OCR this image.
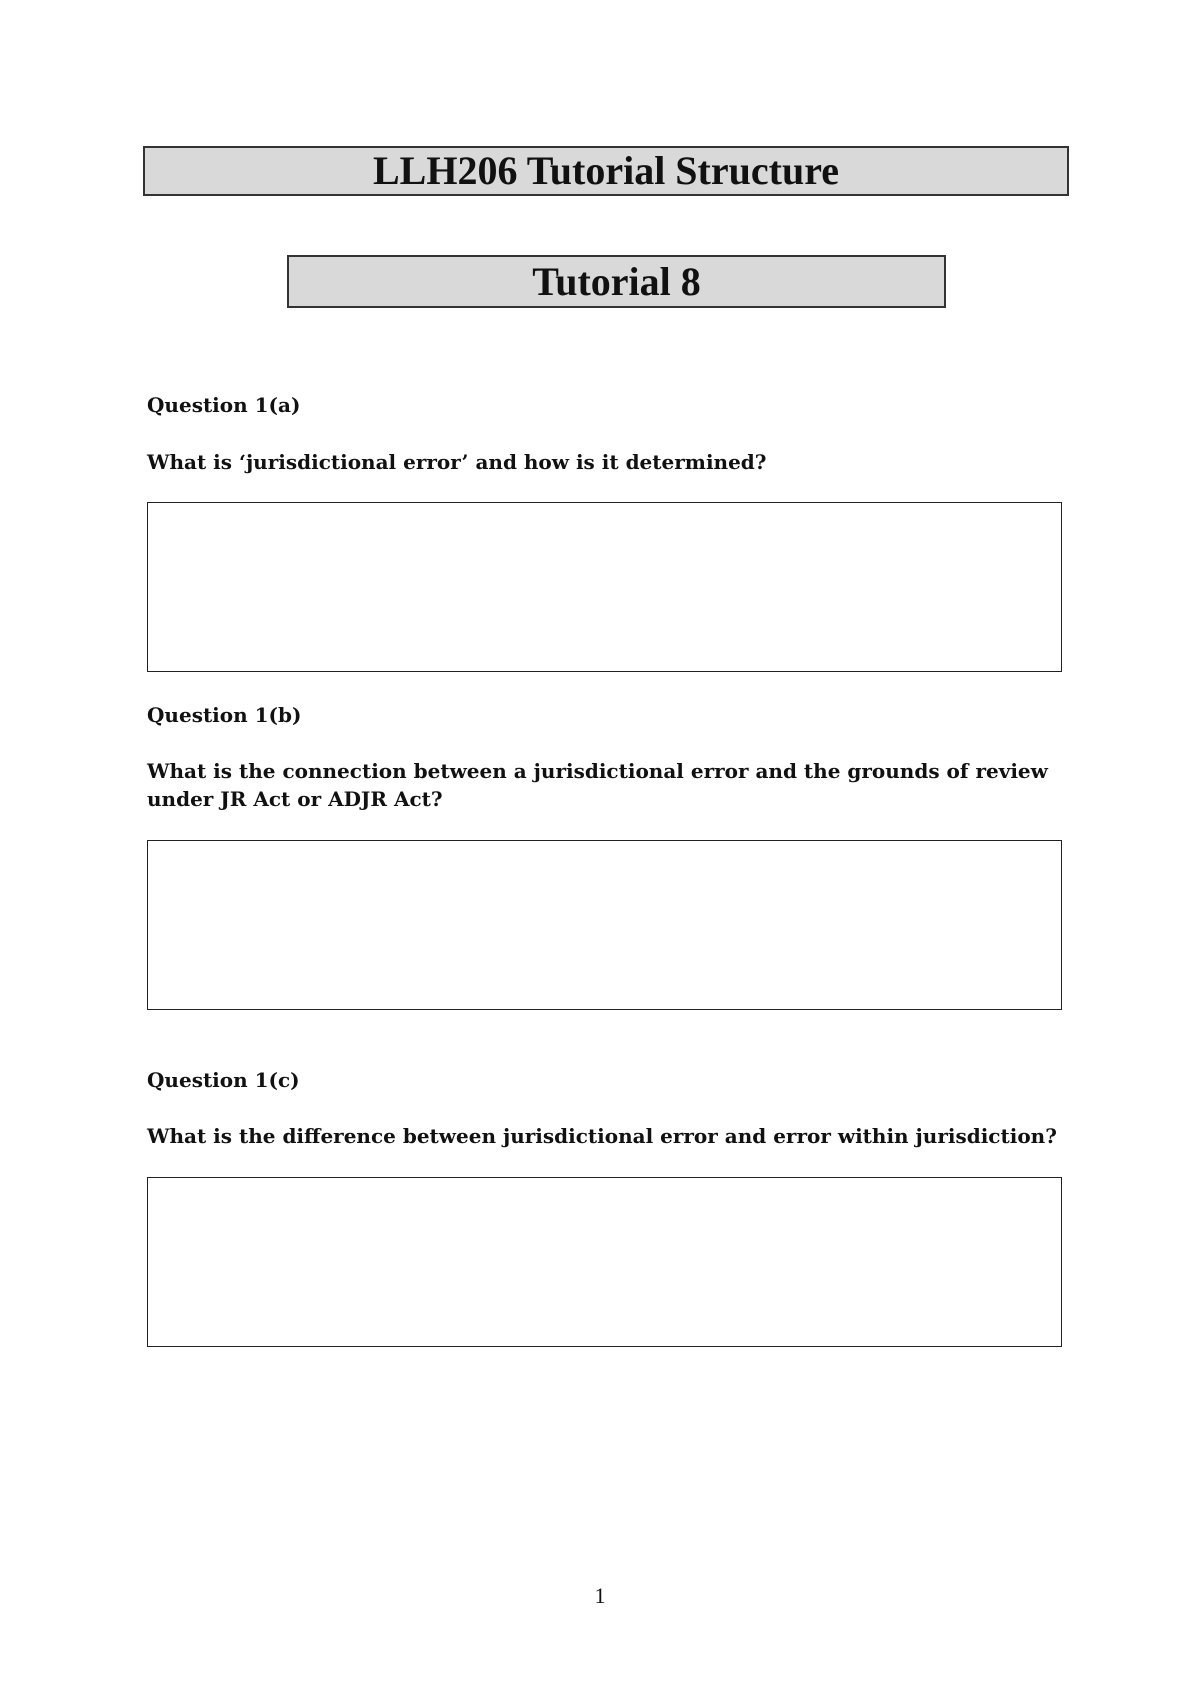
LLH206 Tutorial Structure
Tutorial 8
Question 1(a)
What is ‘jurisdictional error’ and how is it determined?
Question 1(b)
What is the connection between a jurisdictional error and the grounds of review under JR Act or ADJR Act?
Question 1(c)
What is the difference between jurisdictional error and error within jurisdiction?
1
